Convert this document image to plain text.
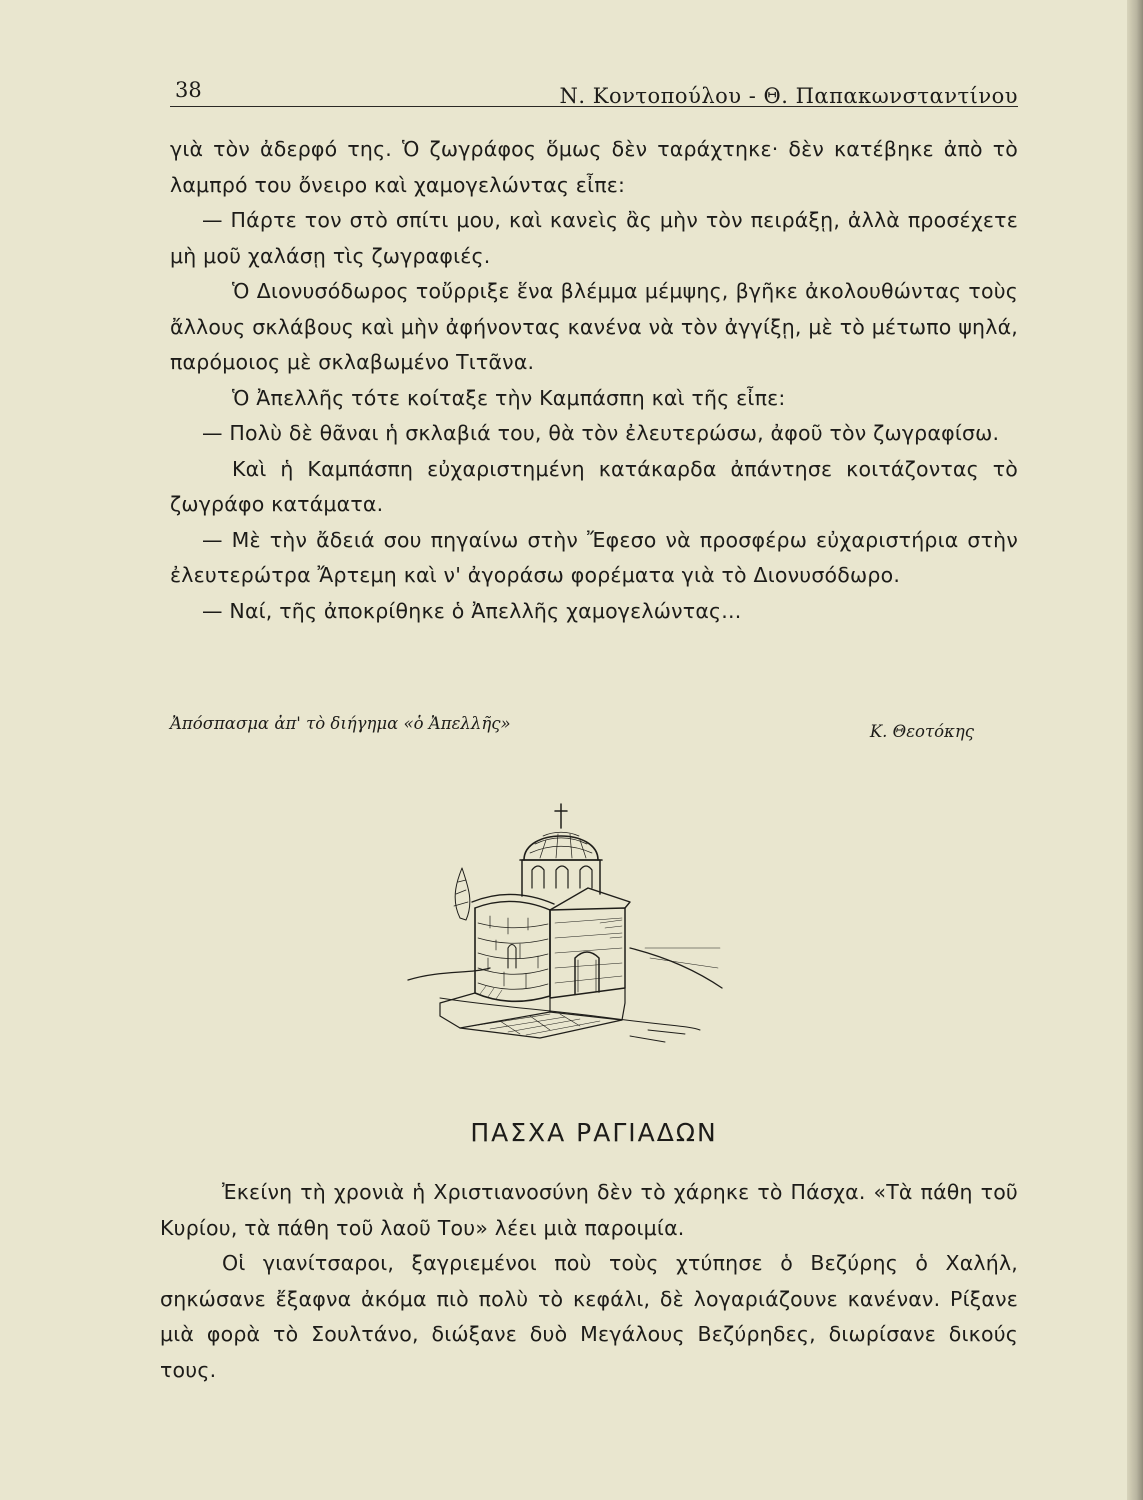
38	Ν. Κοντοπούλου - Θ. Παπακωνσταντίνου

γιὰ τὸν ἀδερφό της. Ὁ ζωγράφος ὅμως δὲν ταράχτηκε· δὲν κατέβηκε ἀπὸ τὸ λαμπρό του ὄνειρο καὶ χαμογελώντας εἶπε:

— Πάρτε τον στὸ σπίτι μου, καὶ κανεὶς ἂς μὴν τὸν πειράξῃ, ἀλλὰ προσέχετε μὴ μοῦ χαλάσῃ τὶς ζωγραφιές.

Ὁ Διονυσόδωρος τοὔρριξε ἕνα βλέμμα μέμψης, βγῆκε ἀκολουθώντας τοὺς ἄλλους σκλάβους καὶ μὴν ἀφήνοντας κανένα νὰ τὸν ἀγγίξῃ, μὲ τὸ μέτωπο ψηλά, παρόμοιος μὲ σκλαβωμένο Τιτᾶνα.

Ὁ Ἀπελλῆς τότε κοίταξε τὴν Καμπάσπη καὶ τῆς εἶπε:

— Πολὺ δὲ θᾶναι ἡ σκλαβιά του, θὰ τὸν ἐλευτερώσω, ἀφοῦ τὸν ζωγραφίσω.

Καὶ ἡ Καμπάσπη εὐχαριστημένη κατάκαρδα ἀπάντησε κοιτάζοντας τὸ ζωγράφο κατάματα.

— Μὲ τὴν ἄδειά σου πηγαίνω στὴν Ἔφεσο νὰ προσφέρω εὐχαριστήρια στὴν ἐλευτερώτρα Ἄρτεμη καὶ ν' ἀγοράσω φορέματα γιὰ τὸ Διονυσόδωρο.

— Ναί, τῆς ἀποκρίθηκε ὁ Ἀπελλῆς χαμογελώντας...

Ἀπόσπασμα ἀπ' τὸ διήγημα «ὁ Ἀπελλῆς»	Κ. Θεοτόκης
ΠΑΣΧΑ ΡΑΓΙΑΔΩΝ

Ἐκείνη τὴ χρονιὰ ἡ Χριστιανοσύνη δὲν τὸ χάρηκε τὸ Πάσχα. «Τὰ πάθη τοῦ Κυρίου, τὰ πάθη τοῦ λαοῦ Του» λέει μιὰ παροιμία.

Οἱ γιανίτσαροι, ξαγριεμένοι ποὺ τοὺς χτύπησε ὁ Βεζύρης ὁ Χαλήλ, σηκώσανε ἔξαφνα ἀκόμα πιὸ πολὺ τὸ κεφάλι, δὲ λογαριάζουνε κανέναν. Ρίξανε μιὰ φορὰ τὸ Σουλτάνο, διώξανε δυὸ Μεγάλους Βεζύρηδες, διωρίσανε δικούς τους.
